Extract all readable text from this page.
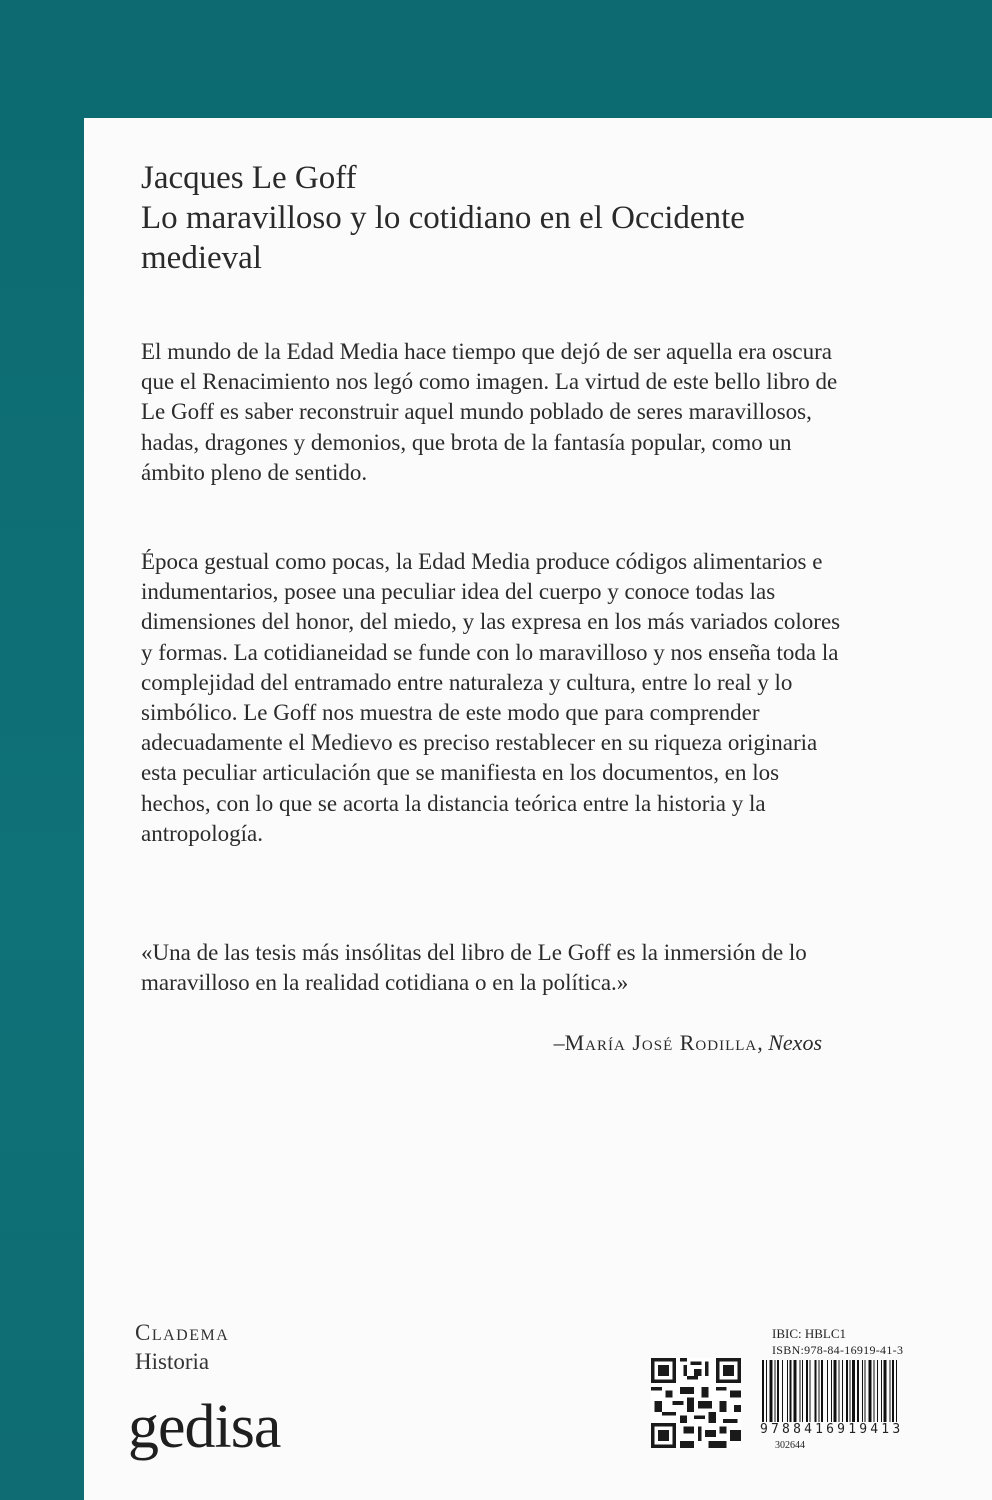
Jacques Le Goff
Lo maravilloso y lo cotidiano en el Occidente medieval

El mundo de la Edad Media hace tiempo que dejó de ser aquella era oscura que el Renacimiento nos legó como imagen. La virtud de este bello libro de Le Goff es saber reconstruir aquel mundo poblado de seres maravillosos, hadas, dragones y demonios, que brota de la fantasía popular, como un ámbito pleno de sentido.

Época gestual como pocas, la Edad Media produce códigos alimentarios e indumentarios, posee una peculiar idea del cuerpo y conoce todas las dimensiones del honor, del miedo, y las expresa en los más variados colores y formas. La cotidianeidad se funde con lo maravilloso y nos enseña toda la complejidad del entramado entre naturaleza y cultura, entre lo real y lo simbólico. Le Goff nos muestra de este modo que para comprender adecuadamente el Medievo es preciso restablecer en su riqueza originaria esta peculiar articulación que se manifiesta en los documentos, en los hechos, con lo que se acorta la distancia teórica entre la historia y la antropología.

«Una de las tesis más insólitas del libro de Le Goff es la inmersión de lo maravilloso en la realidad cotidiana o en la política.»

–María José Rodilla, Nexos
Cladema
Historia
gedisa
IBIC: HBLC1
ISBN:978-84-16919-41-3
9788416919413
302644
